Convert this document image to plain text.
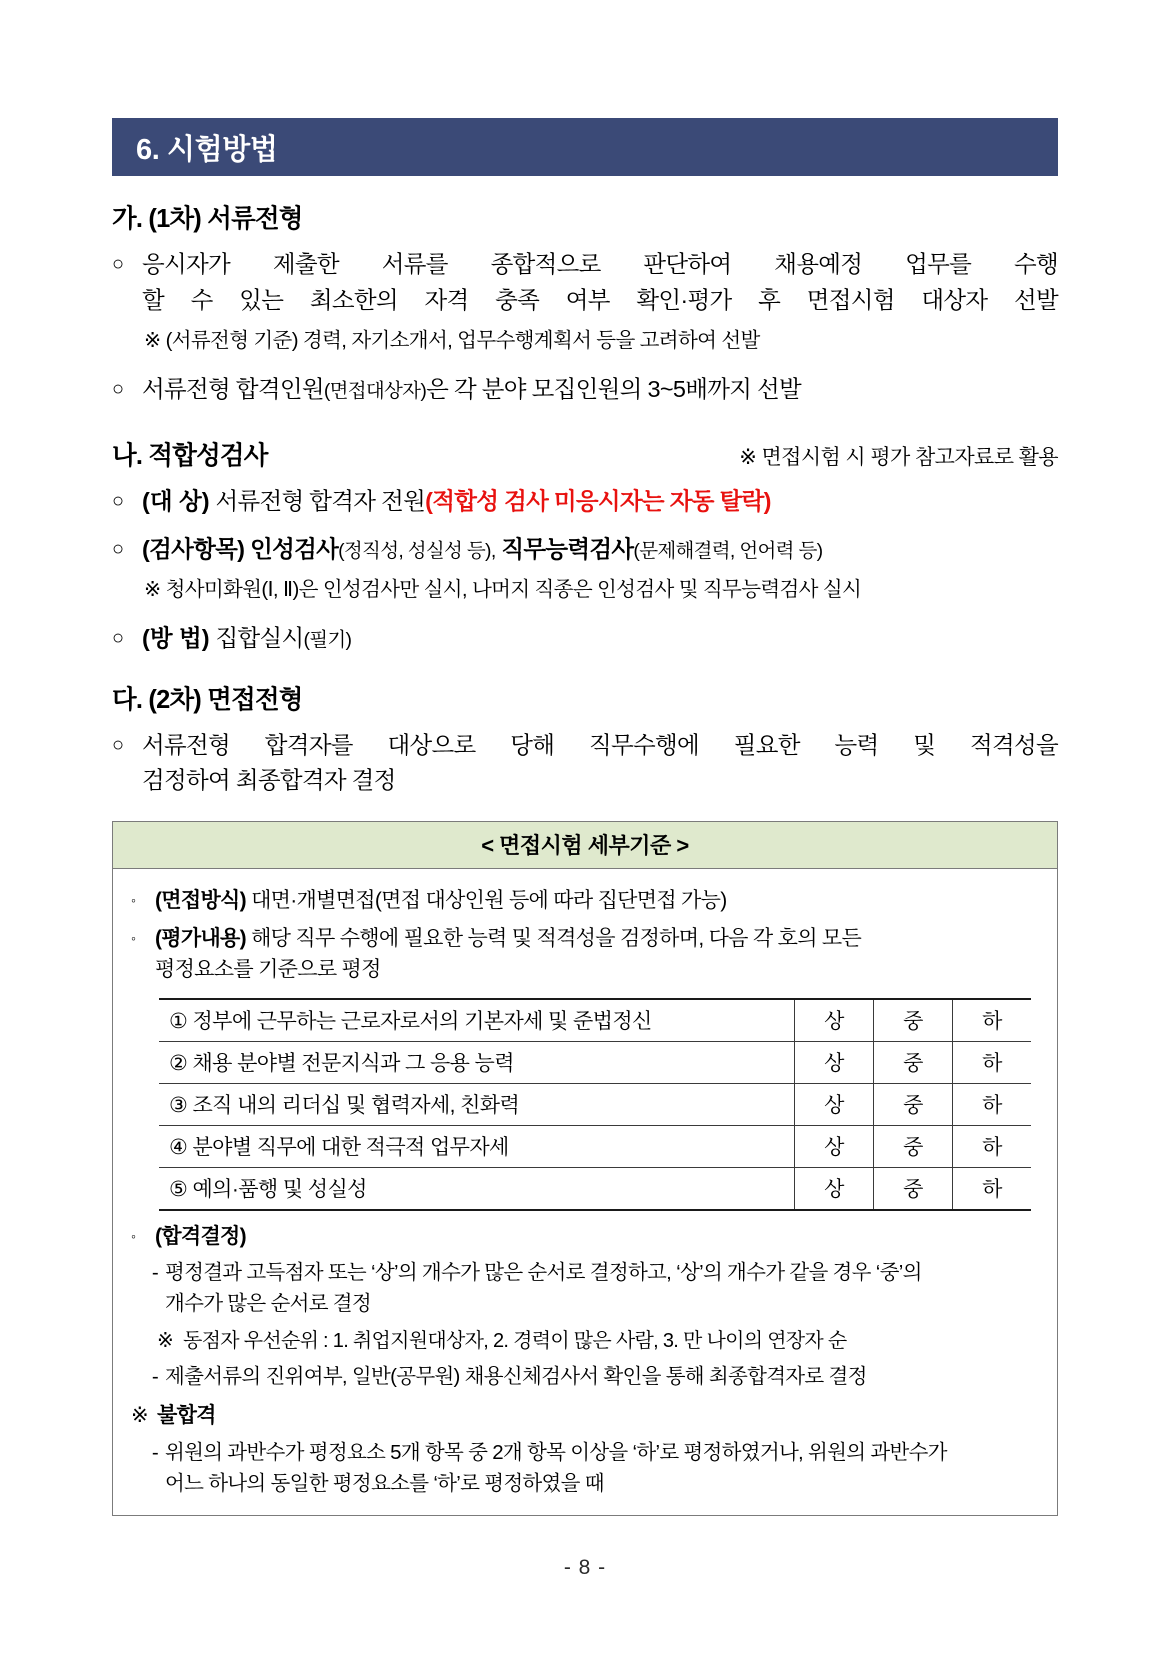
6. 시험방법
가. (1차) 서류전형
○ 응시자가 제출한 서류를 종합적으로 판단하여 채용예정 업무를 수행
할 수 있는 최소한의 자격 충족 여부 확인·평가 후 면접시험 대상자 선발
※ (서류전형 기준) 경력, 자기소개서, 업무수행계획서 등을 고려하여 선발
○ 서류전형 합격인원(면접대상자)은 각 분야 모집인원의 3~5배까지 선발
나. 적합성검사	※ 면접시험 시 평가 참고자료로 활용
○ (대 상) 서류전형 합격자 전원(적합성 검사 미응시자는 자동 탈락)
○ (검사항목) 인성검사(정직성, 성실성 등), 직무능력검사(문제해결력, 언어력 등)
※ 청사미화원(Ⅰ, Ⅱ)은 인성검사만 실시, 나머지 직종은 인성검사 및 직무능력검사 실시
○ (방 법) 집합실시(필기)
다. (2차) 면접전형
○ 서류전형 합격자를 대상으로 당해 직무수행에 필요한 능력 및 적격성을
검정하여 최종합격자 결정
< 면접시험 세부기준 >
◦ (면접방식) 대면·개별면접(면접 대상인원 등에 따라 집단면접 가능)
◦ (평가내용) 해당 직무 수행에 필요한 능력 및 적격성을 검정하며, 다음 각 호의 모든
평정요소를 기준으로 평정
① 정부에 근무하는 근로자로서의 기본자세 및 준법정신	상	중	하
② 채용 분야별 전문지식과 그 응용 능력	상	중	하
③ 조직 내의 리더십 및 협력자세, 친화력	상	중	하
④ 분야별 직무에 대한 적극적 업무자세	상	중	하
⑤ 예의·품행 및 성실성	상	중	하
◦ (합격결정)
- 평정결과 고득점자 또는 ‘상’의 개수가 많은 순서로 결정하고, ‘상’의 개수가 같을 경우 ‘중’의
개수가 많은 순서로 결정
※ 동점자 우선순위 : 1. 취업지원대상자, 2. 경력이 많은 사람, 3. 만 나이의 연장자 순
- 제출서류의 진위여부, 일반(공무원) 채용신체검사서 확인을 통해 최종합격자로 결정
※ 불합격
- 위원의 과반수가 평정요소 5개 항목 중 2개 항목 이상을 ‘하’로 평정하였거나, 위원의 과반수가
어느 하나의 동일한 평정요소를 ‘하’로 평정하였을 때
- 8 -
